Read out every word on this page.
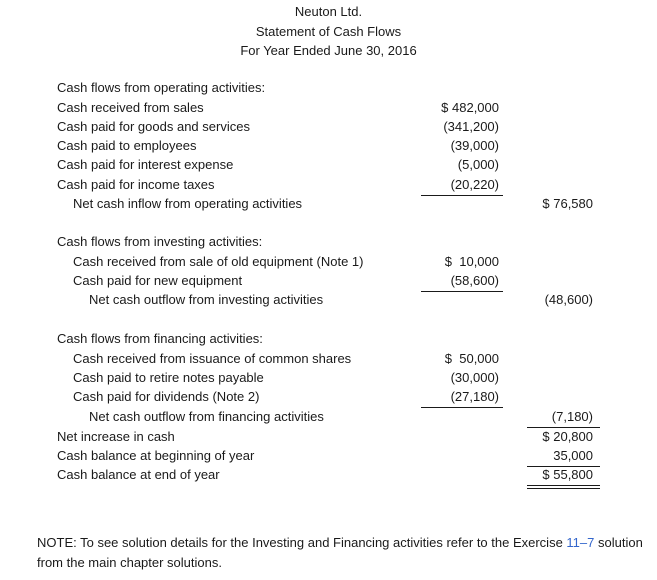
Neuton Ltd.
Statement of Cash Flows
For Year Ended June 30, 2016
Cash flows from operating activities:
Cash received from sales	$ 482,000
Cash paid for goods and services	(341,200)
Cash paid to employees	(39,000)
Cash paid for interest expense	(5,000)
Cash paid for income taxes	(20,220)
Net cash inflow from operating activities	$ 76,580
Cash flows from investing activities:
Cash received from sale of old equipment (Note 1)	$  10,000
Cash paid for new equipment	(58,600)
Net cash outflow from investing activities	(48,600)
Cash flows from financing activities:
Cash received from issuance of common shares	$  50,000
Cash paid to retire notes payable	(30,000)
Cash paid for dividends (Note 2)	(27,180)
Net cash outflow from financing activities	(7,180)
Net increase in cash	$ 20,800
Cash balance at beginning of year	35,000
Cash balance at end of year	$ 55,800
NOTE: To see solution details for the Investing and Financing activities refer to the Exercise 11–7 solution from the main chapter solutions.
